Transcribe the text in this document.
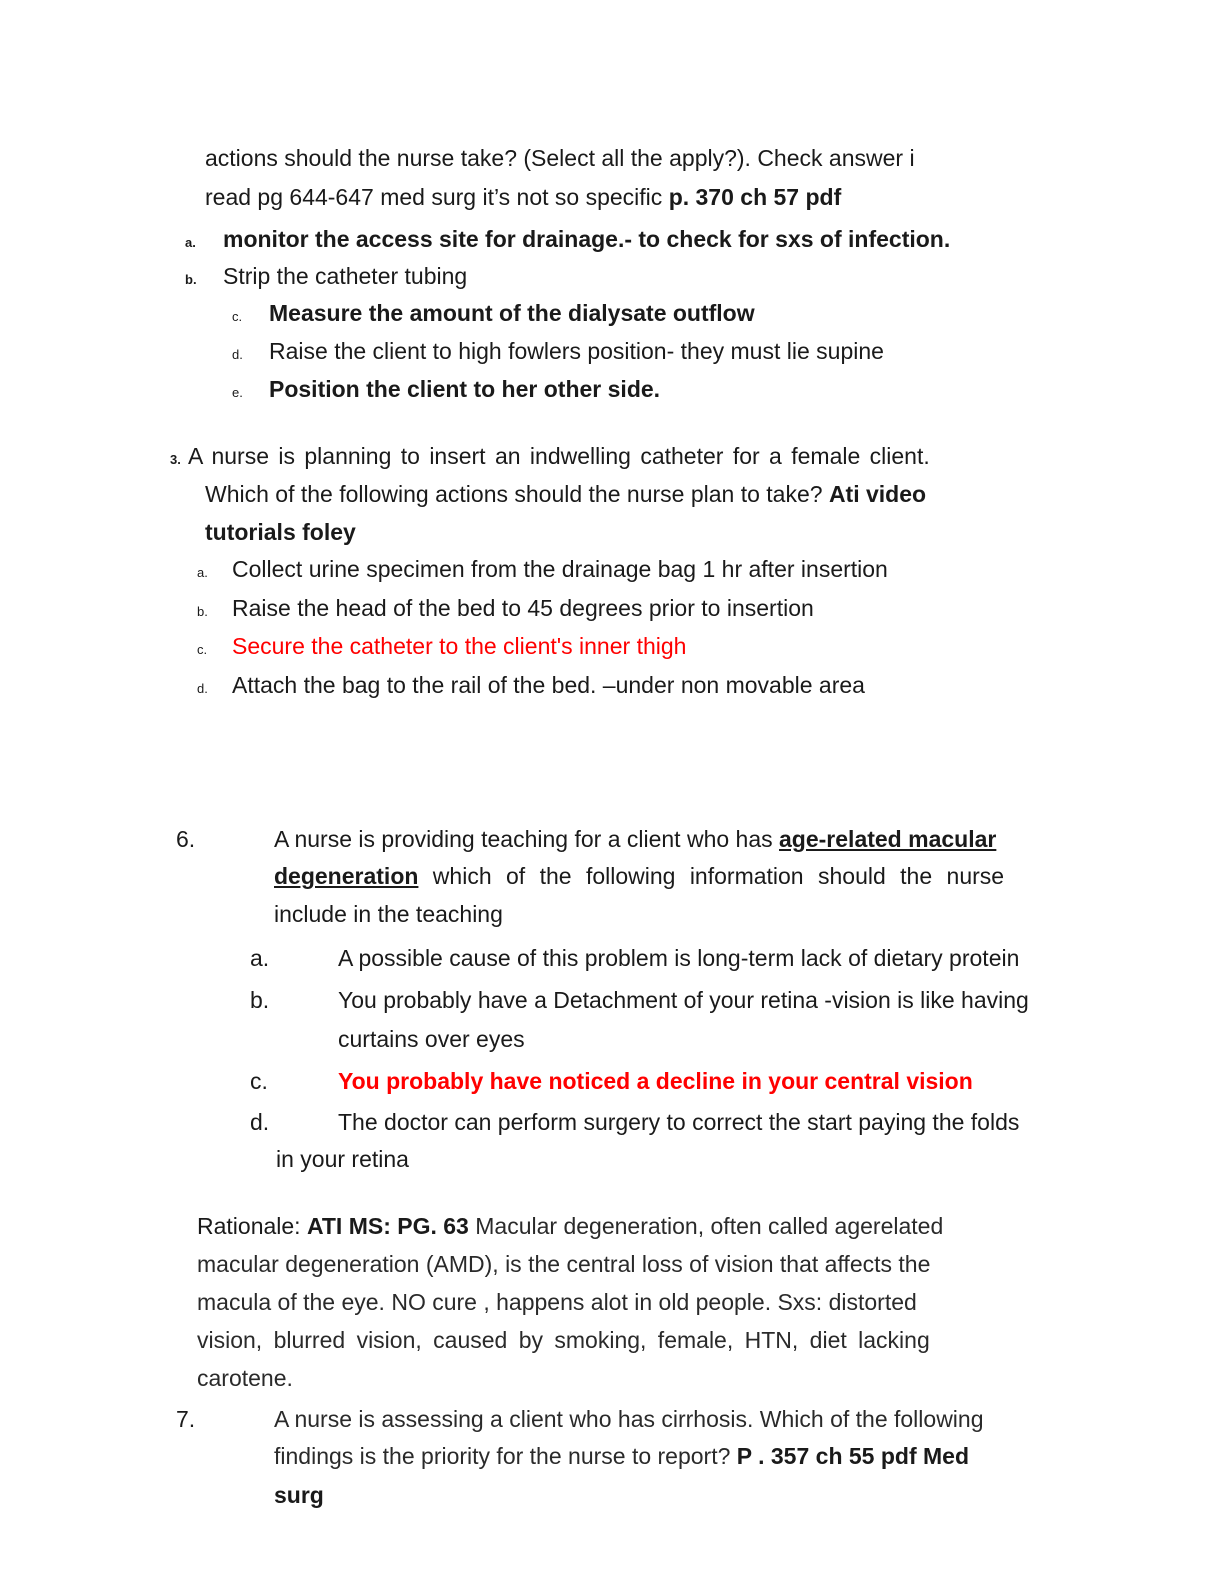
actions should the nurse take? (Select all the apply?). Check answer i
read pg 644-647 med surg it’s not so specific p. 370 ch 57 pdf
a. monitor the access site for drainage.- to check for sxs of infection.
b. Strip the catheter tubing
c. Measure the amount of the dialysate outflow
d. Raise the client to high fowlers position- they must lie supine
e. Position the client to her other side.
3. A nurse is planning to insert an indwelling catheter for a female client.
Which of the following actions should the nurse plan to take? Ati video
tutorials foley
a. Collect urine specimen from the drainage bag 1 hr after insertion
b. Raise the head of the bed to 45 degrees prior to insertion
c. Secure the catheter to the client's inner thigh
d. Attach the bag to the rail of the bed. –under non movable area
6.	A nurse is providing teaching for a client who has age-related macular
degeneration which of the following information should the nurse
include in the teaching
a.	A possible cause of this problem is long-term lack of dietary protein
b.	You probably have a Detachment of your retina -vision is like having
curtains over eyes
c.	You probably have noticed a decline in your central vision
d.	The doctor can perform surgery to correct the start paying the folds
in your retina
Rationale: ATI MS: PG. 63 Macular degeneration, often called agerelated
macular degeneration (AMD), is the central loss of vision that affects the
macula of the eye. NO cure , happens alot in old people. Sxs: distorted
vision, blurred vision, caused by smoking, female, HTN, diet lacking
carotene.
7.	A nurse is assessing a client who has cirrhosis. Which of the following
findings is the priority for the nurse to report? P . 357 ch 55 pdf Med
surg
